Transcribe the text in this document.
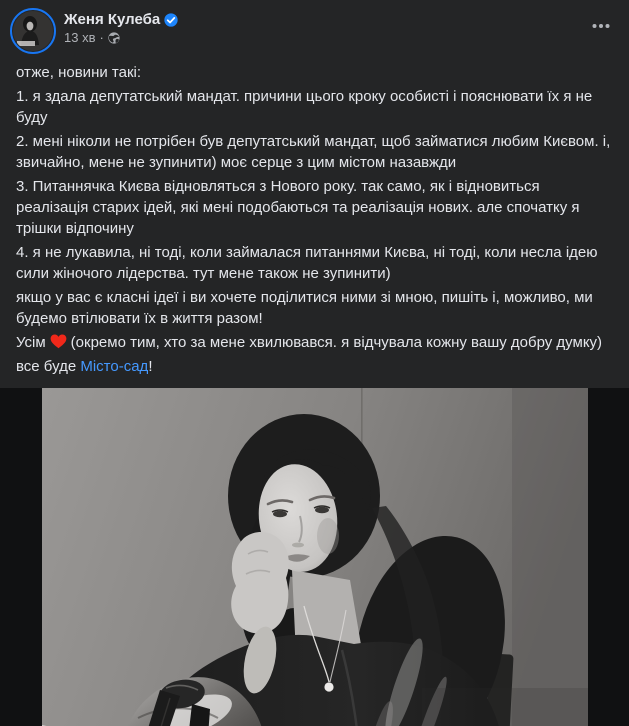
Женя Кулеба
13 хв ·

отже, новини такі:

1. я здала депутатський мандат. причини цього кроку особисті і пояснювати їх я не буду

2. мені ніколи не потрібен був депутатський мандат, щоб займатися любим Києвом. і, звичайно, мене не зупинити) моє серце з цим містом назавжди

3. Питаннячка Києва відновляться з Нового року. так само, як і відновиться реалізація старих ідей, які мені подобаються та реалізація нових. але спочатку я трішки відпочину

4. я не лукавила, ні тоді, коли займалася питаннями Києва, ні тоді, коли несла ідею сили жіночого лідерства. тут мене також не зупинити)

якщо у вас є класні ідеї і ви хочете поділитися ними зі мною, пишіть і, можливо, ми будемо втілювати їх в життя разом!

Усім (окремо тим, хто за мене хвилювався. я відчувала кожну вашу добру думку)

все буде Місто-сад!
